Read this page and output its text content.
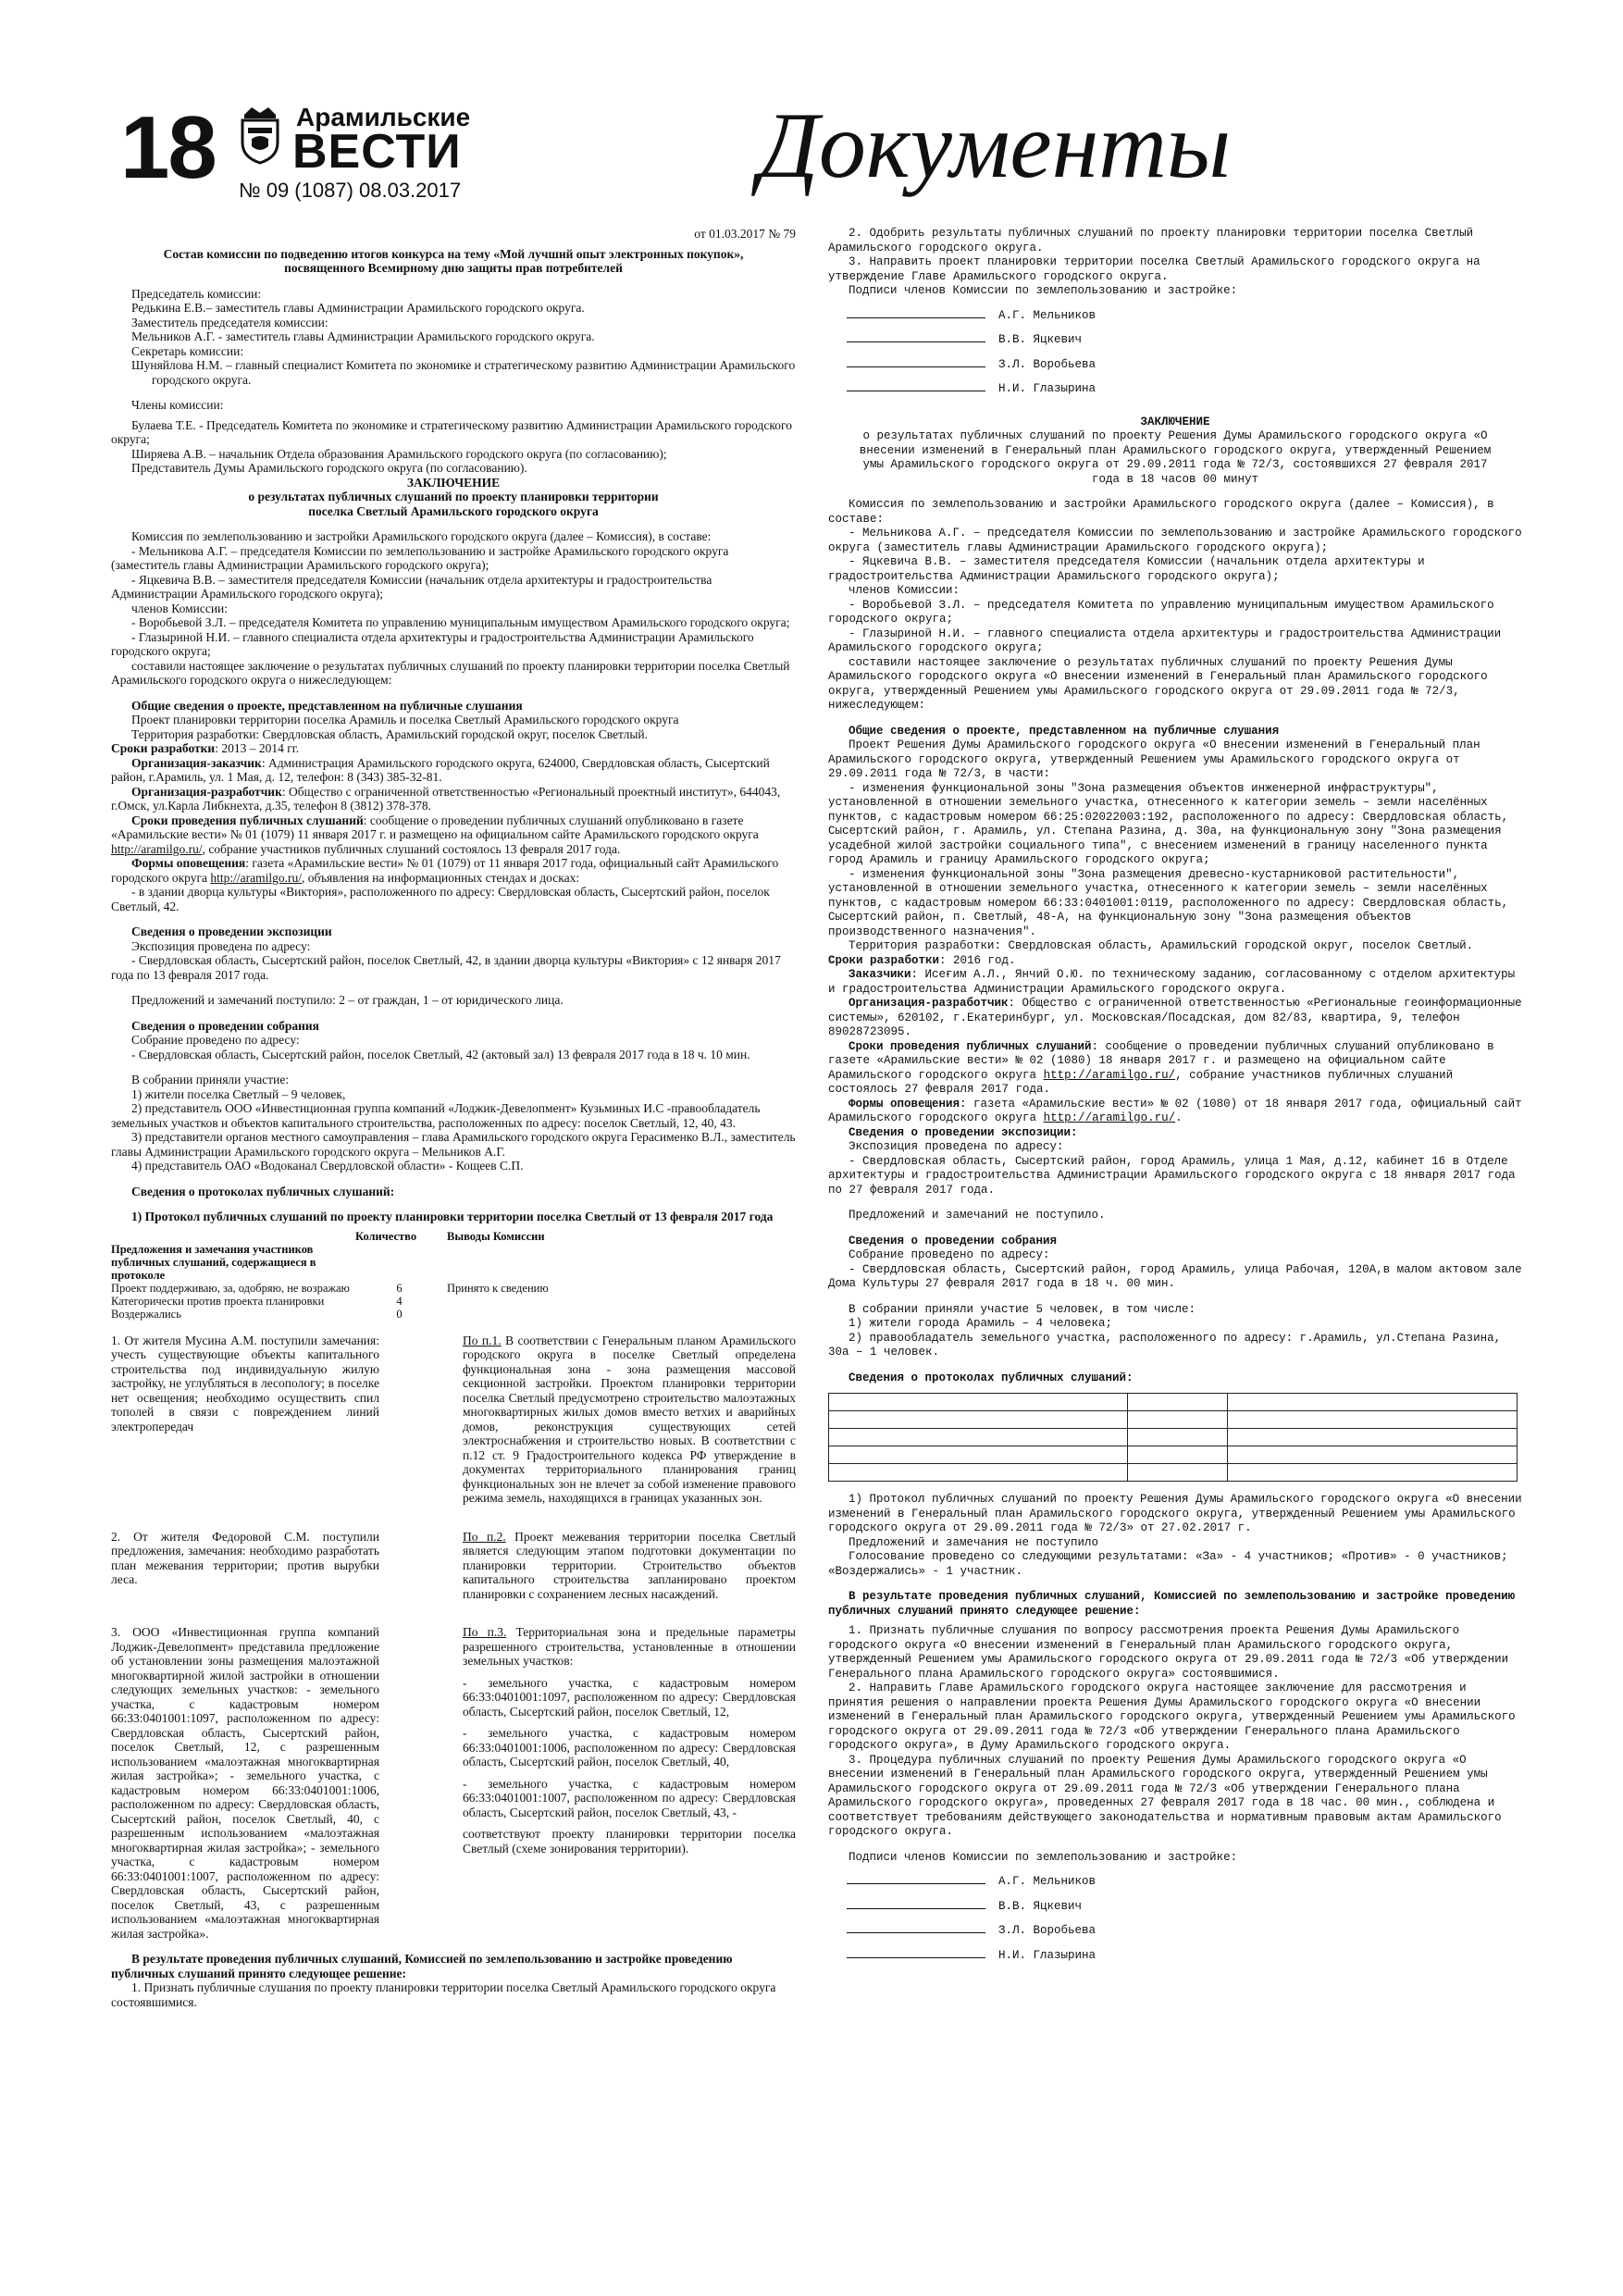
18	Арамильские
ВЕСТИ
№ 09 (1087) 08.03.2017	Документы

от 01.03.2017 № 79

Состав комиссии по подведению итогов конкурса на тему «Мой лучший опыт электронных покупок»,

посвященного Всемирному дню защиты прав потребителей

Председатель комиссии:

Редькина Е.В.– заместитель главы Администрации Арамильского городского округа.

Заместитель председателя комиссии:

Мельников А.Г. - заместитель главы Администрации Арамильского городского округа.

Секретарь комиссии:

Шуняйлова Н.М. – главный специалист Комитета по экономике и стратегическому развитию Администрации Арамильского городского округа.

Члены комиссии:

Булаева Т.Е. - Председатель Комитета по экономике и стратегическому развитию Администрации Арамильского городского округа;

Ширяева А.В. – начальник Отдела образования Арамильского городского округа (по согласованию);

Представитель Думы Арамильского городского округа (по согласованию).

ЗАКЛЮЧЕНИЕ

о результатах публичных слушаний по проекту планировки территории

поселка Светлый Арамильского городского округа

Комиссия по землепользованию и застройки Арамильского городского округа (далее – Комиссия), в составе:

- Мельникова А.Г. – председателя Комиссии по землепользованию и застройке Арамильского городского округа (заместитель главы Администрации Арамильского городского округа);

- Яцкевича В.В. – заместителя председателя Комиссии (начальник отдела архитектуры и градостроительства Администрации Арамильского городского округа);

членов Комиссии:

- Воробьевой З.Л. – председателя Комитета по управлению муниципальным имуществом Арамильского городского округа;

- Глазыриной Н.И. – главного специалиста отдела архитектуры и градостроительства Администрации Арамильского городского округа;

составили настоящее заключение о результатах публичных слушаний по проекту планировки территории поселка Светлый Арамильского городского округа о нижеследующем:

Общие сведения о проекте, представленном на публичные слушания

Проект планировки территории поселка Арамиль и поселка Светлый Арамильского городского округа

Территория разработки: Свердловская область, Арамильский городской округ, поселок Светлый.

Сроки разработки: 2013 – 2014 гг.

Организация-заказчик: Администрация Арамильского городского округа, 624000, Свердловская область, Сысертский район, г.Арамиль, ул. 1 Мая, д. 12, телефон: 8 (343) 385-32-81.

Организация-разработчик: Общество с ограниченной ответственностью «Региональный проектный институт», 644043, г.Омск, ул.Карла Либкнехта, д.35, телефон 8 (3812) 378-378.

Сроки проведения публичных слушаний: сообщение о проведении публичных слушаний опубликовано в газете «Арамильские вести» № 01 (1079) 11 января 2017 г. и размещено на официальном сайте Арамильского городского округа http://aramilgo.ru/, собрание участников публичных слушаний состоялось 13 февраля 2017 года.

Формы оповещения: газета «Арамильские вести» № 01 (1079) от 11 января 2017 года, официальный сайт Арамильского городского округа http://aramilgo.ru/, объявления на информационных стендах и досках:

- в здании дворца культуры «Виктория», расположенного по адресу: Свердловская область, Сысертский район, поселок Светлый, 42.

Сведения о проведении экспозиции

Экспозиция проведена по адресу:

- Свердловская область, Сысертский район, поселок Светлый, 42, в здании дворца культуры «Виктория» с 12 января 2017 года по 13 февраля 2017 года.

Предложений и замечаний поступило: 2 – от граждан, 1 – от юридического лица.

Сведения о проведении собрания

Собрание проведено по адресу:

- Свердловская область, Сысертский район, поселок Светлый, 42 (актовый зал) 13 февраля 2017 года в 18 ч. 10 мин.

В собрании приняли участие:

1) жители поселка Светлый – 9 человек,

2) представитель ООО «Инвестиционная группа компаний «Лоджик-Девелопмент» Кузьминых И.С -правообладатель земельных участков и объектов капитального строительства, расположенных по адресу: поселок Светлый, 12, 40, 43.

3) представители органов местного самоуправления – глава Арамильского городского округа Герасименко В.Л., заместитель главы Администрации Арамильского городского округа – Мельников А.Г.

4) представитель ОАО «Водоканал Свердловской области» - Кощеев С.П.

Сведения о протоколах публичных слушаний:

1) Протокол публичных слушаний по проекту планировки территории поселка Светлый от 13 февраля 2017 года

	Количество	Выводы Комиссии
Предложения и замечания участников публичных слушаний, содержащиеся в протоколе		
Проект поддерживаю, за, одобряю, не возражаю	6	Принято к сведению
Категорически против проекта планировки	4	
Воздержались	0	
1. От жителя Мусина А.М. поступили замечания: учесть существующие объекты капитального строительства под индивидуальную жилую застройку, не углубляться в лесопологу; в поселке нет освещения; необходимо осуществить спил тополей в связи с повреждением линий электропередач
По п.1. В соответствии с Генеральным планом Арамильского городского округа в поселке Светлый определена функциональная зона - зона размещения массовой секционной застройки. Проектом планировки территории поселка Светлый предусмотрено строительство малоэтажных многоквартирных жилых домов вместо ветхих и аварийных домов, реконструкция существующих сетей электроснабжения и строительство новых. В соответствии с п.12 ст. 9 Градостроительного кодекса РФ утверждение в документах территориального планирования границ функциональных зон не влечет за собой изменение правового режима земель, находящихся в границах указанных зон.
2. От жителя Федоровой С.М. поступили предложения, замечания: необходимо разработать план межевания территории; против вырубки леса.
По п.2. Проект межевания территории поселка Светлый является следующим этапом подготовки документации по планировки территории. Строительство объектов капитального строительства запланировано проектом планировки с сохранением лесных насаждений.
3. ООО «Инвестиционная группа компаний Лоджик-Девелопмент» представила предложение об установлении зоны размещения малоэтажной многоквартирной жилой застройки в отношении следующих земельных участков: - земельного участка, с кадастровым номером 66:33:0401001:1097, расположенном по адресу: Свердловская область, Сысертский район, поселок Светлый, 12, с разрешенным использованием «малоэтажная многоквартирная жилая застройка»; - земельного участка, с кадастровым номером 66:33:0401001:1006, расположенном по адресу: Свердловская область, Сысертский район, поселок Светлый, 40, с разрешенным использованием «малоэтажная многоквартирная жилая застройка»; - земельного участка, с кадастровым номером 66:33:0401001:1007, расположенном по адресу: Свердловская область, Сысертский район, поселок Светлый, 43, с разрешенным использованием «малоэтажная многоквартирная жилая застройка».

По п.3. Территориальная зона и предельные параметры разрешенного строительства, установленные в отношении земельных участков:

- земельного участка, с кадастровым номером 66:33:0401001:1097, расположенном по адресу: Свердловская область, Сысертский район, поселок Светлый, 12,

- земельного участка, с кадастровым номером 66:33:0401001:1006, расположенном по адресу: Свердловская область, Сысертский район, поселок Светлый, 40,

- земельного участка, с кадастровым номером 66:33:0401001:1007, расположенном по адресу: Свердловская область, Сысертский район, поселок Светлый, 43, -

соответствуют проекту планировки территории поселка Светлый (схеме зонирования территории).

В результате проведения публичных слушаний, Комиссией по землепользованию и застройке проведению публичных слушаний принято следующее решение:

1. Признать публичные слушания по проекту планировки территории поселка Светлый Арамильского городского округа состоявшимися.

2. Одобрить результаты публичных слушаний по проекту планировки территории поселка Светлый Арамильского городского округа.

3. Направить проект планировки территории поселка Светлый Арамильского городского округа на утверждение Главе Арамильского городского округа.

Подписи членов Комиссии по землепользованию и застройке:

А.Г. Мельников
В.В. Яцкевич
З.Л. Воробьева
Н.И. Глазырина

ЗАКЛЮЧЕНИЕ

о результатах публичных слушаний по проекту Решения Думы Арамильского городского округа «О внесении изменений в Генеральный план Арамильского городского округа, утвержденный Решением умы Арамильского городского округа от 29.09.2011 года № 72/3, состоявшихся 27 февраля 2017 года в 18 часов 00 минут

Комиссия по землепользованию и застройки Арамильского городского округа (далее – Комиссия), в составе:

- Мельникова А.Г. – председателя Комиссии по землепользованию и застройке Арамильского городского округа (заместитель главы Администрации Арамильского городского округа);

- Яцкевича В.В. – заместителя председателя Комиссии (начальник отдела архитектуры и градостроительства Администрации Арамильского городского округа);

членов Комиссии:

- Воробьевой З.Л. – председателя Комитета по управлению муниципальным имуществом Арамильского городского округа;

- Глазыриной Н.И. – главного специалиста отдела архитектуры и градостроительства Администрации Арамильского городского округа;

составили настоящее заключение о результатах публичных слушаний по проекту Решения Думы Арамильского городского округа «О внесении изменений в Генеральный план Арамильского городского округа, утвержденный Решением умы Арамильского городского округа от 29.09.2011 года № 72/3, нижеследующем:

Общие сведения о проекте, представленном на публичные слушания

Проект Решения Думы Арамильского городского округа «О внесении изменений в Генеральный план Арамильского городского округа, утвержденный Решением умы Арамильского городского округа от 29.09.2011 года № 72/3, в части:

- изменения функциональной зоны "Зона размещения объектов инженерной инфраструктуры", установленной в отношении земельного участка, отнесенного к категории земель – земли населённых пунктов, с кадастровым номером 66:25:02022003:192, расположенного по адресу: Свердловская область, Сысертский район, г. Арамиль, ул. Степана Разина, д. 30а, на функциональную зону "Зона размещения усадебной жилой застройки социального типа", с внесением изменений в границу населенного пункта город Арамиль и границу Арамильского городского округа;

- изменения функциональной зоны "Зона размещения древесно-кустарниковой растительности", установленной в отношении земельного участка, отнесенного к категории земель – земли населённых пунктов, с кадастровым номером 66:33:0401001:0119, расположенного по адресу: Свердловская область, Сысертский район, п. Светлый, 48-А, на функциональную зону "Зона размещения объектов производственного назначения".

Территория разработки: Свердловская область, Арамильский городской округ, поселок Светлый.

Сроки разработки: 2016 год.

Заказчики: Исеғим А.Л., Янчий О.Ю. по техническому заданию, согласованному с отделом архитектуры и градостроительства Администрации Арамильского городского округа.

Организация-разработчик: Общество с ограниченной ответственностью «Региональные геоинформационные системы», 620102, г.Екатеринбург, ул. Московская/Посадская, дом 82/83, квартира, 9, телефон 89028723095.

Сроки проведения публичных слушаний: сообщение о проведении публичных слушаний опубликовано в газете «Арамильские вести» № 02 (1080) 18 января 2017 г. и размещено на официальном сайте Арамильского городского округа http://aramilgo.ru/, собрание участников публичных слушаний состоялось 27 февраля 2017 года.

Формы оповещения: газета «Арамильские вести» № 02 (1080) от 18 января 2017 года, официальный сайт Арамильского городского округа http://aramilgo.ru/.

Сведения о проведении экспозиции:

Экспозиция проведена по адресу:

- Свердловская область, Сысертский район, город Арамиль, улица 1 Мая, д.12, кабинет 16 в Отделе архитектуры и градостроительства Администрации Арамильского городского округа с 18 января 2017 года по 27 февраля 2017 года.

Предложений и замечаний не поступило.

Сведения о проведении собрания

Собрание проведено по адресу:

- Свердловская область, Сысертский район, город Арамиль, улица Рабочая, 120А,в малом актовом зале Дома Культуры 27 февраля 2017 года в 18 ч. 00 мин.

В собрании приняли участие 5 человек, в том числе:

1) жители города Арамиль – 4 человека;

2) правообладатель земельного участка, расположенного по адресу: г.Арамиль, ул.Степана Разина, 30а – 1 человек.

Сведения о протоколах публичных слушаний:

1) Протокол публичных слушаний по проекту Решения Думы Арамильского городского округа «О внесении изменений в Генеральный план Арамильского городского округа, утвержденный Решением умы Арамильского городского округа от 29.09.2011 года № 72/3» от 27.02.2017 г.

Предложений и замечания не поступило

Голосование проведено со следующими результатами: «За» - 4 участников; «Против» - 0 участников; «Воздержались» - 1 участник.

В результате проведения публичных слушаний, Комиссией по землепользованию и застройке проведению публичных слушаний принято следующее решение:

1. Признать публичные слушания по вопросу рассмотрения проекта Решения Думы Арамильского городского округа «О внесении изменений в Генеральный план Арамильского городского округа, утвержденный Решением умы Арамильского городского округа от 29.09.2011 года № 72/3 «Об утверждении Генерального плана Арамильского городского округа» состоявшимися.

2. Направить Главе Арамильского городского округа настоящее заключение для рассмотрения и принятия решения о направлении проекта Решения Думы Арамильского городского округа «О внесении изменений в Генеральный план Арамильского городского округа, утвержденный Решением умы Арамильского городского округа от 29.09.2011 года № 72/3 «Об утверждении Генерального плана Арамильского городского округа», в Думу Арамильского городского округа.

3. Процедура публичных слушаний по проекту Решения Думы Арамильского городского округа «О внесении изменений в Генеральный план Арамильского городского округа, утвержденный Решением умы Арамильского городского округа от 29.09.2011 года № 72/3 «Об утверждении Генерального плана Арамильского городского округа», проведенных 27 февраля 2017 года в 18 час. 00 мин., соблюдена и соответствует требованиям действующего законодательства и нормативным правовым актам Арамильского городского округа.

Подписи членов Комиссии по землепользованию и застройке:

А.Г. Мельников
В.В. Яцкевич
З.Л. Воробьева
Н.И. Глазырина
